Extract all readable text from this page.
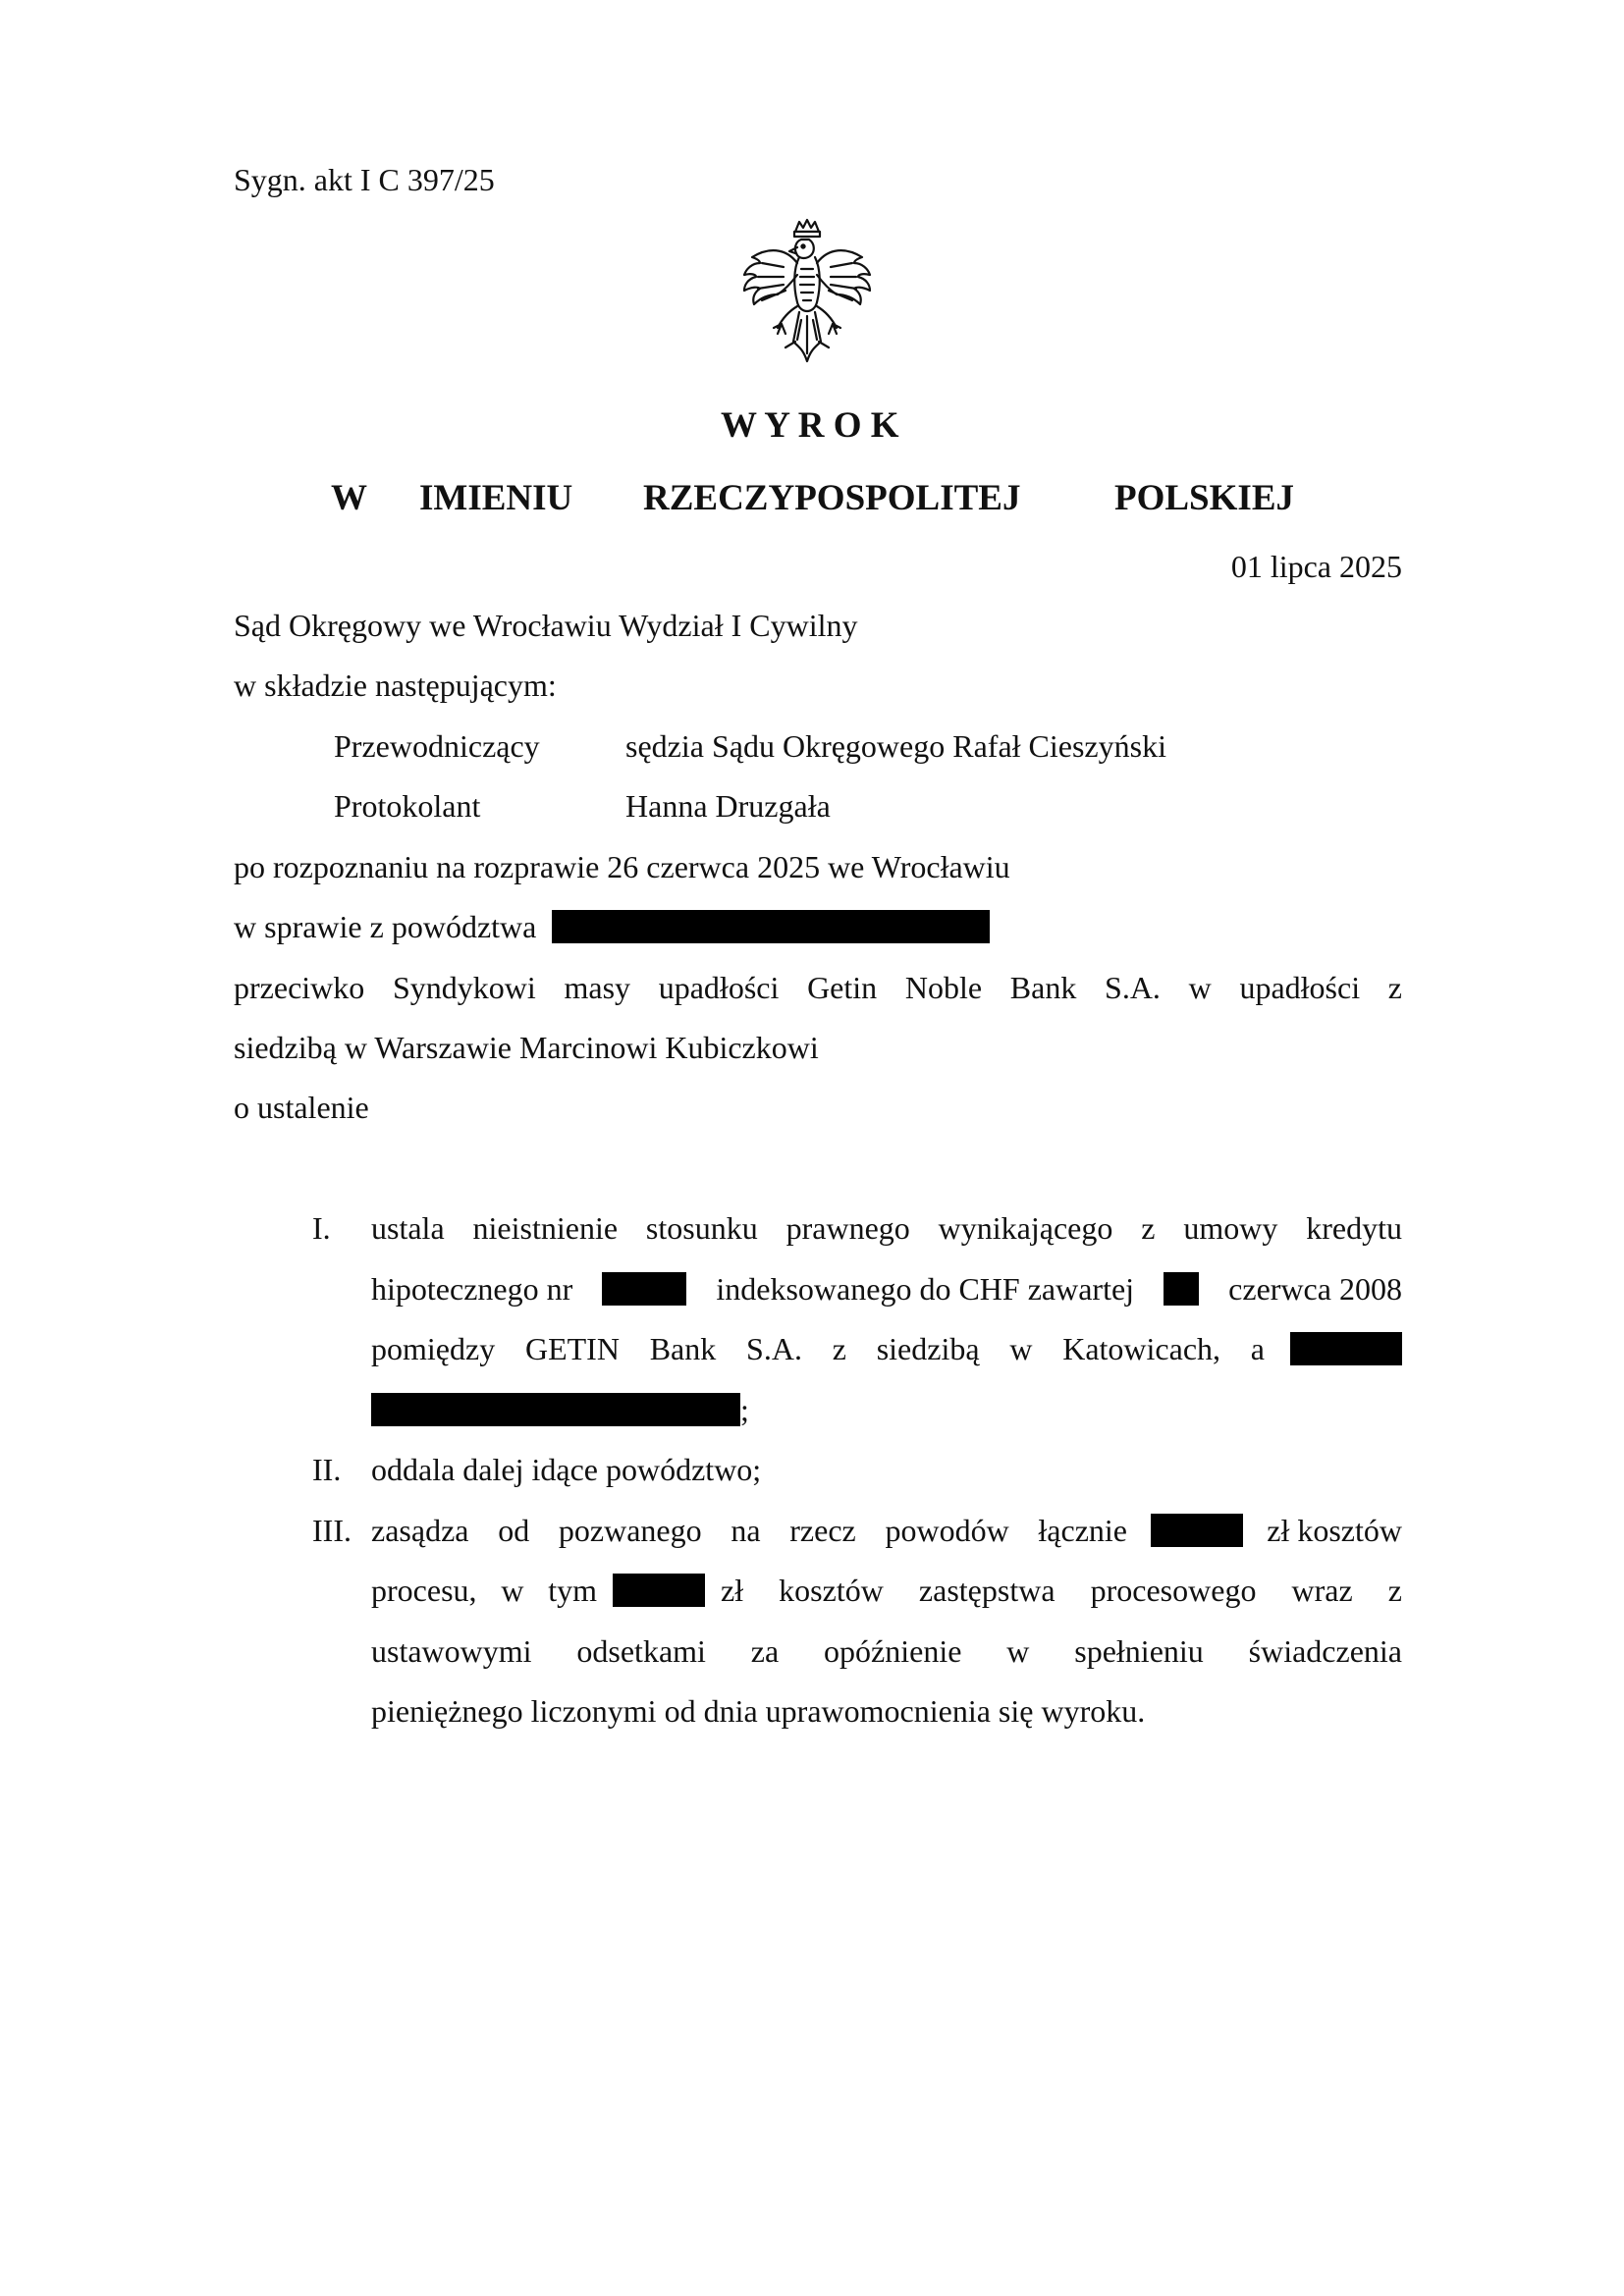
Sygn. akt I C 397/25
W Y R O K
W IMIENIU RZECZYPOSPOLITEJ	POLSKIEJ
01 lipca 2025
Sąd Okręgowy we Wrocławiu Wydział I Cywilny
w składzie następującym:
Przewodniczący	sędzia Sądu Okręgowego Rafał Cieszyński
Protokolant	Hanna Druzgała
po rozpoznaniu na rozprawie 26 czerwca 2025 we Wrocławiu
w sprawie z powództwa
przeciwko Syndykowi masy upadłości Getin Noble Bank S.A. w upadłości z
siedzibą w Warszawie Marcinowi Kubiczkowi
o ustalenie
I. ustala nieistnienie stosunku prawnego wynikającego z umowy kredytu
hipotecznego nr	indeksowanego do CHF zawartej	czerwca 2008
pomiędzy GETIN Bank S.A. z siedzibą w Katowicach, a
;
II. oddala dalej idące powództwo;
III. zasądza od pozwanego na rzecz powodów łącznie	zł kosztów
procesu, w tym	zł kosztów zastępstwa procesowego wraz z
ustawowymi odsetkami za opóźnienie w spełnieniu świadczenia
pieniężnego liczonymi od dnia uprawomocnienia się wyroku.
